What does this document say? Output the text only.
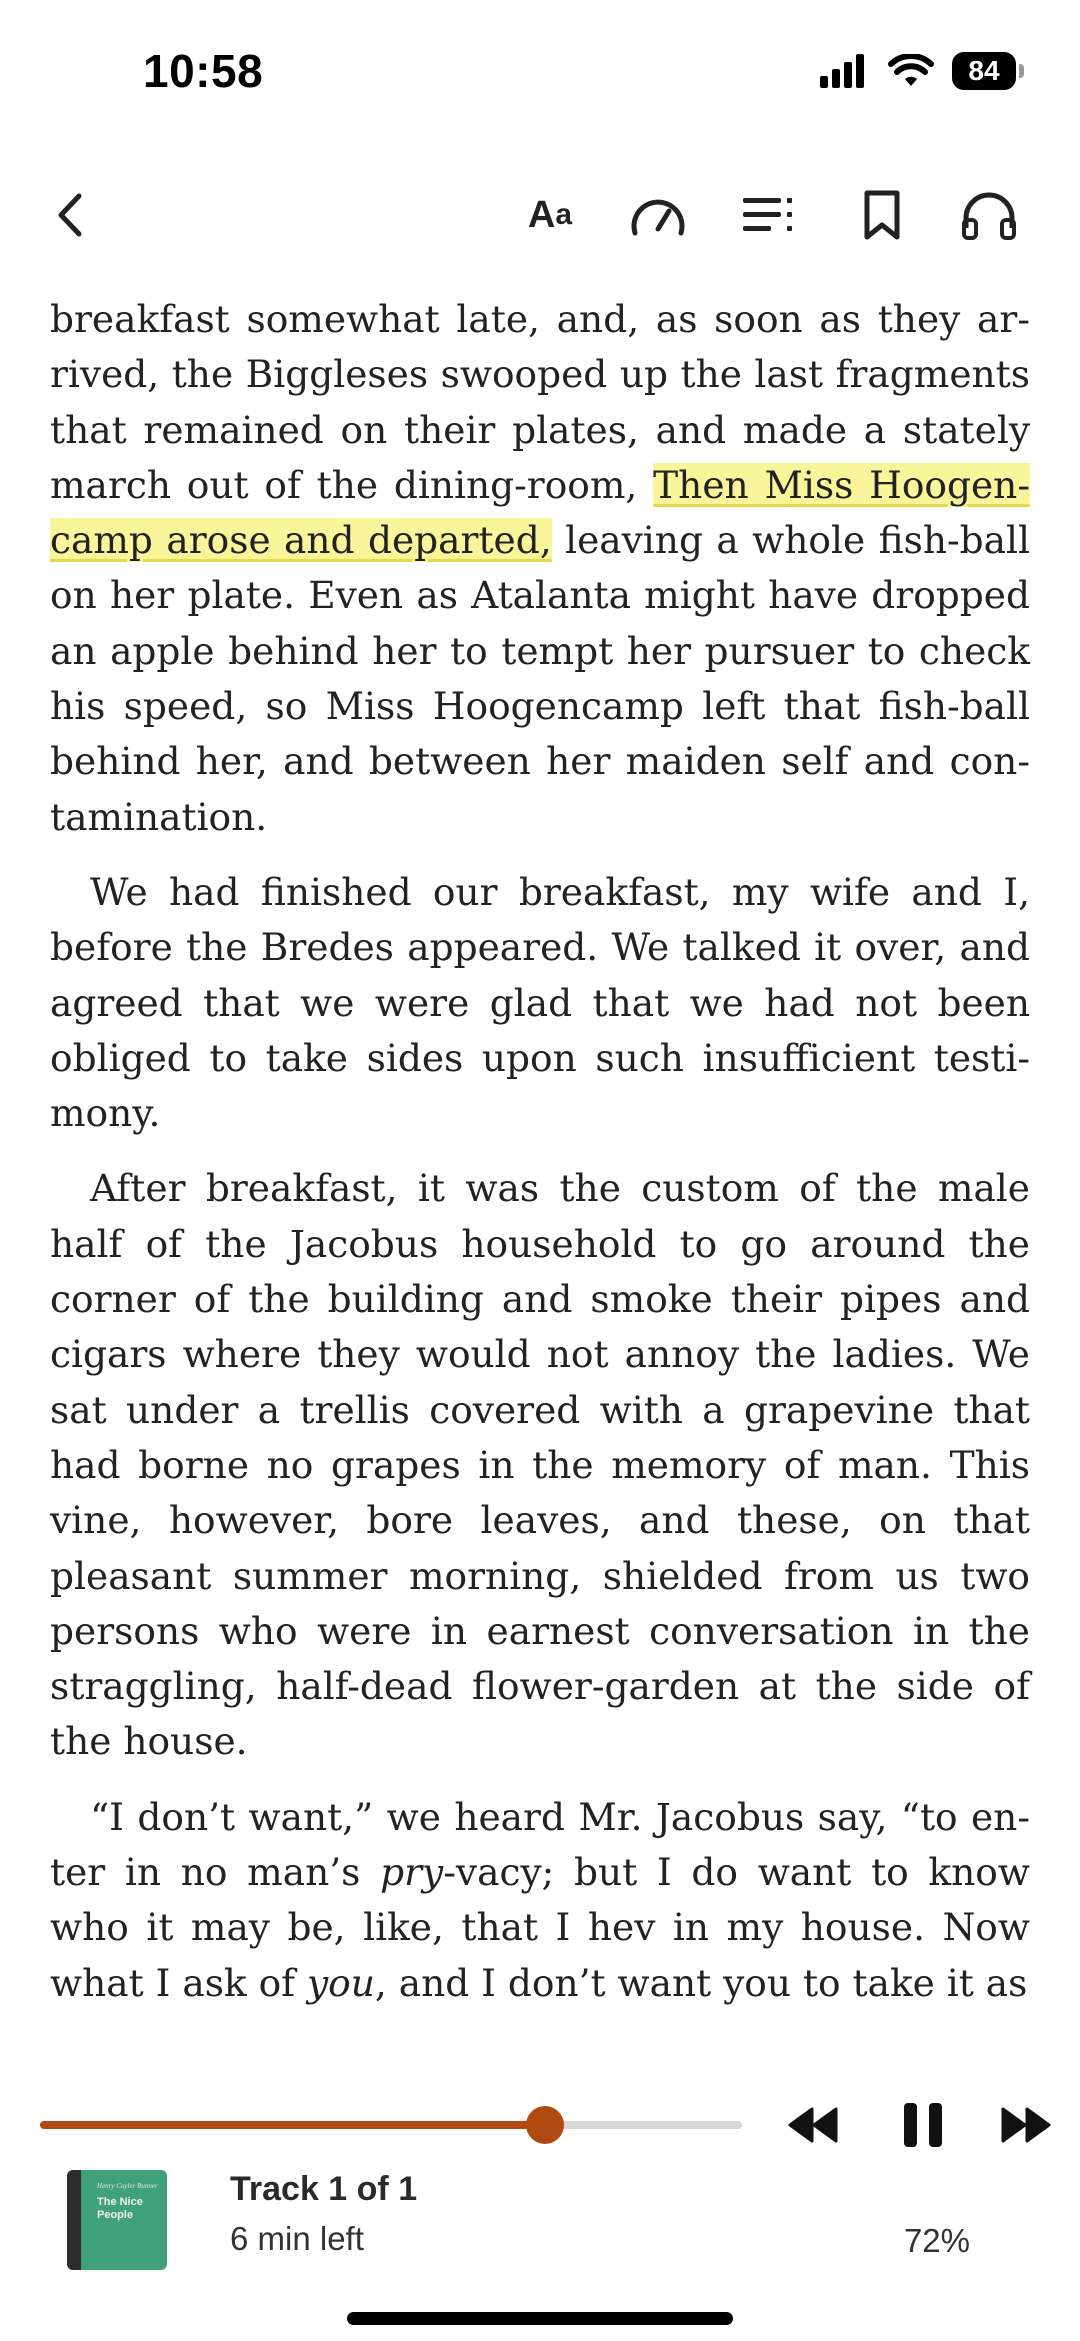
10:58	84
A a

breakfast somewhat late, and, as soon as they arrived, the Biggleses swooped up the last fragments that remained on their plates, and made a stately march out of the dining-room, Then Miss Hoogencamp arose and departed, leaving a whole fish-ball on her plate. Even as Atalanta might have dropped an apple behind her to tempt her pursuer to check his speed, so Miss Hoogencamp left that fish-ball behind her, and between her maiden self and contamination.

We had finished our breakfast, my wife and I, before the Bredes appeared. We talked it over, and agreed that we were glad that we had not been obliged to take sides upon such insufficient testimony.

After breakfast, it was the custom of the male half of the Jacobus household to go around the corner of the building and smoke their pipes and cigars where they would not annoy the ladies. We sat under a trellis covered with a grapevine that had borne no grapes in the memory of man. This vine, however, bore leaves, and these, on that pleasant summer morning, shielded from us two persons who were in earnest conversation in the straggling, half-dead flower-garden at the side of the house.

“I don’t want,” we heard Mr. Jacobus say, “to enter in no man’s pry-vacy; but I do want to know who it may be, like, that I hev in my house. Now what I ask of you, and I don’t want you to take it as

Henry Cuyler Bunner
The Nice
People
Track 1 of 1
6 min left	72%
